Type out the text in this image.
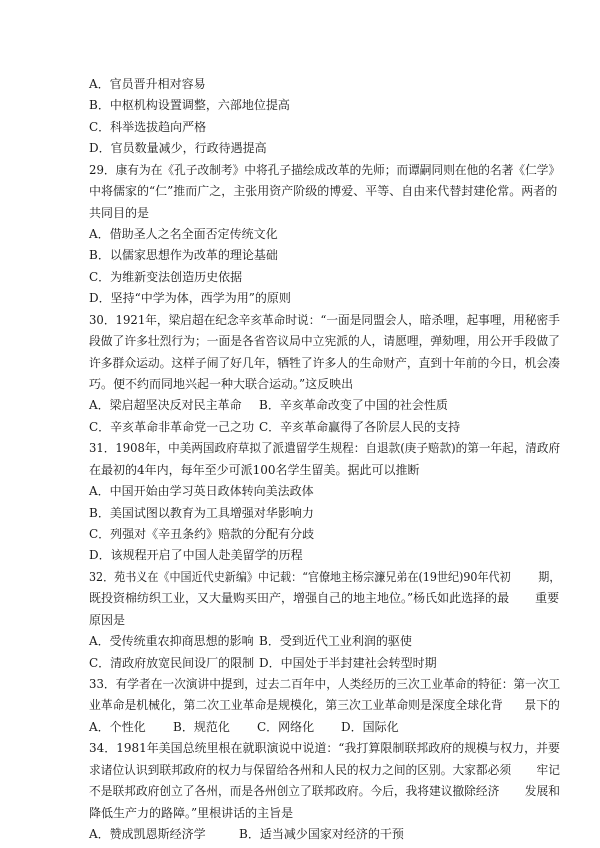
A．官员晋升相对容易
B．中枢机构设置调整，六部地位提高
C．科举选拔趋向严格
D．官员数量减少，行政待遇提高
29．康有为在《孔子改制考》中将孔子描绘成改革的先师；而谭嗣同则在他的名著《仁学》
中将儒家的“仁”推而广之，主张用资产阶级的博爱、平等、自由来代替封建伦常。两者的
共同目的是
A．借助圣人之名全面否定传统文化
B．以儒家思想作为改革的理论基础
C．为维新变法创造历史依据
D．坚持“中学为体，西学为用”的原则
30．1921年，梁启超在纪念辛亥革命时说：“一面是同盟会人，暗杀哩，起事哩，用秘密手
段做了许多壮烈行为；一面是各省咨议局中立宪派的人，请愿哩，弹劾哩，用公开手段做了
许多群众运动。这样子闹了好几年，牺牲了许多人的生命财产，直到十年前的今日，机会凑
巧。便不约而同地兴起一种大联合运动。”这反映出
A．梁启超坚决反对民主革命 B．辛亥革命改变了中国的社会性质
C．辛亥革命非革命党一己之功 C．辛亥革命赢得了各阶层人民的支持
31．1908年，中美两国政府草拟了派遣留学生规程：自退款(庚子赔款)的第一年起，清政府
在最初的4年内，每年至少可派100名学生留美。据此可以推断
A．中国开始由学习英日政体转向美法政体
B．美国试图以教育为工具增强对华影响力
C．列强对《辛丑条约》赔款的分配有分歧
D．该规程开启了中国人赴美留学的历程
32．苑书义在《中国近代史新编》中记载：“官僚地主杨宗濂兄弟在(19世纪)90年代初 期，
既投资棉纺织工业，又大量购买田产，增强自己的地主地位。”杨氏如此选择的最 重要
原因是
A．受传统重农抑商思想的影响 B．受到近代工业利润的驱使
C．清政府放宽民间设厂的限制 D．中国处于半封建社会转型时期
33．有学者在一次演讲中提到，过去二百年中，人类经历的三次工业革命的特征：第一次工
业革命是机械化，第二次工业革命是规模化，第三次工业革命则是深度全球化背 景下的
A．个性化 B．规范化 C．网络化 D．国际化
34．1981年美国总统里根在就职演说中说道：“我打算限制联邦政府的规模与权力，并要
求诸位认识到联邦政府的权力与保留给各州和人民的权力之间的区别。大家都必须 牢记
不是联邦政府创立了各州，而是各州创立了联邦政府。今后，我将建议撤除经济 发展和
降低生产力的路障。”里根讲话的主旨是
A．赞成凯恩斯经济学	B．适当减少国家对经济的干预
